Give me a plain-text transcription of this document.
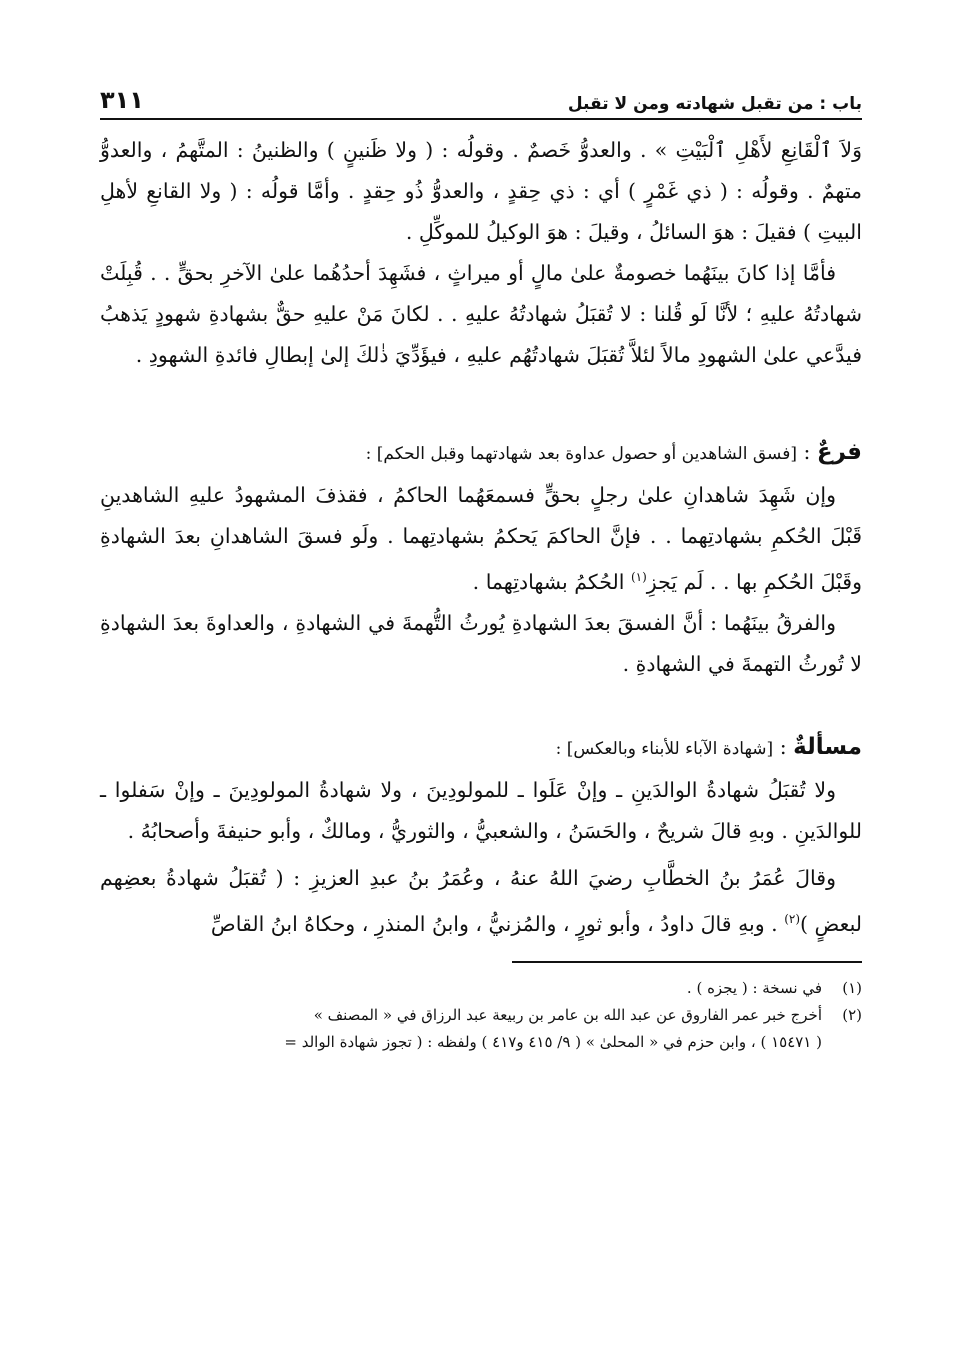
باب : من تقبل شهادته ومن لا تقبل
٣١١

وَلاَ ٱلْقَانِعِ لأَهْلِ ٱلْبَيْتِ » . والعدوُّ خَصمٌ . وقولُه : ( ولا ظَنينٍ ) والظنينُ : المتَّهمُ ، والعدوُّ متهمٌ . وقولُه : ( ذي غَمْرٍ ) أي : ذي حِقدٍ ، والعدوُّ ذُو حِقدٍ . وأمَّا قولُه : ( ولا القانعِ لأهلِ البيتِ ) فقيلَ : هوَ السائلُ ، وقيلَ : هوَ الوكيلُ للموكِّلِ .

فأمَّا إذا كانَ بينَهُما خصومةٌ علىٰ مالٍ أو ميراثٍ ، فشَهِدَ أحدُهُما علىٰ الآخرِ بحقٍّ . . قُبِلَتْ شهادتُهُ عليهِ ؛ لأنَّا لَو قُلنا : لا تُقبَلُ شهادتُهُ عليهِ . . لكانَ مَنْ عليهِ حقٌّ بشهادةِ شهودٍ يَذهبُ فيدَّعي علىٰ الشهودِ مالاً لئلاَّ تُقبَلَ شهادتُهُم عليهِ ، فيؤَدِّيَ ذٰلكَ إلىٰ إبطالِ فائدةِ الشهودِ .

فرعٌ : [فسق الشاهدين أو حصول عداوة بعد شهادتهما وقبل الحكم] :

وإن شَهِدَ شاهدانِ علىٰ رجلٍ بحقٍّ فسمعَهُما الحاكمُ ، فقذفَ المشهودُ عليهِ الشاهدينِ قَبْلَ الحُكمِ بشهادتِهما . . فإنَّ الحاكمَ يَحكمُ بشهادتِهما . ولَو فسقَ الشاهدانِ بعدَ الشهادةِ وقَبْلَ الحُكمِ بها . . لَم يَجزِ$^{(١)}$ الحُكمُ بشهادتِهما .

والفرقُ بينَهُما : أنَّ الفسقَ بعدَ الشهادةِ يُورثُ التُّهمةَ في الشهادةِ ، والعداوةَ بعدَ الشهادةِ لا تُورثُ التهمةَ في الشهادةِ .

مسألةٌ : [شهادة الآباء للأبناء وبالعكس] :

ولا تُقبَلُ شهادةُ الوالدَينِ ـ وإنْ عَلَوا ـ للمولودِينَ ، ولا شهادةُ المولودِينَ ـ وإنْ سَفلوا ـ للوالدَينِ . وبهِ قالَ شريحٌ ، والحَسَنُ ، والشعبيُّ ، والثوريُّ ، ومالكٌ ، وأبو حنيفةَ وأصحابُهُ .

وقالَ عُمَرُ بنُ الخطَّابِ رضيَ اللهُ عنهُ ، وعُمَرُ بنُ عبدِ العزيزِ : ( تُقبَلُ شهادةُ بعضِهم لبعضٍ )$^{(٢)}$ . وبهِ قالَ داودُ ، وأبو ثورٍ ، والمُزنيُّ ، وابنُ المنذرِ ، وحكاهُ ابنُ القاصِّ

(١)في نسخة : ( يجزه ) .

(٢)أخرج خبر عمر الفاروق عن عبد الله بن عامر بن ربيعة عبد الرزاق في « المصنف »

( ١٥٤٧١ ) ، وابن حزم في « المحلىٰ » ( ٩/ ٤١٥ و٤١٧ ) ولفظه : ( تجوز شهادة الوالد =
